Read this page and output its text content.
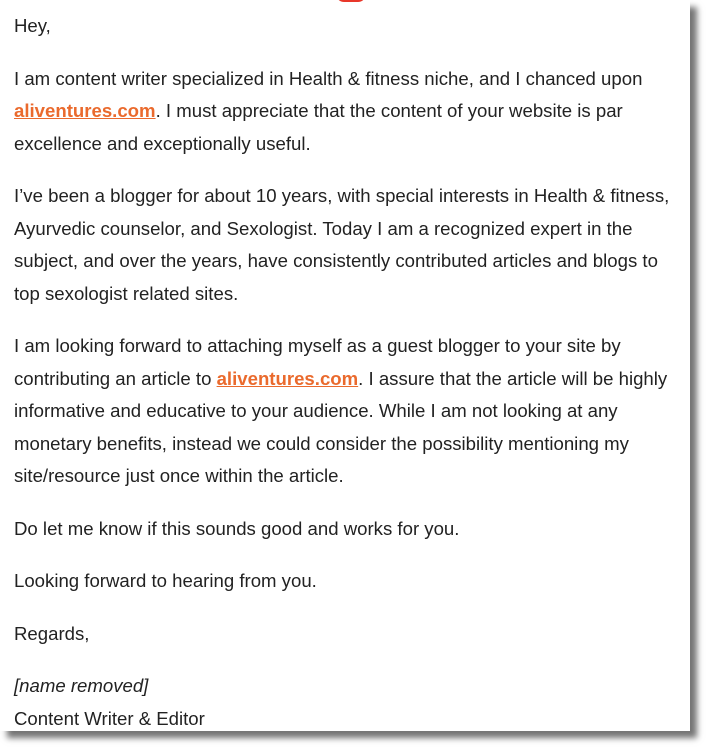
Hey,

I am content writer specialized in Health & fitness niche, and I chanced upon aliventures.com. I must appreciate that the content of your website is par excellence and exceptionally useful.

I’ve been a blogger for about 10 years, with special interests in Health & fitness, Ayurvedic counselor, and Sexologist. Today I am a recognized expert in the subject, and over the years, have consistently contributed articles and blogs to top sexologist related sites.

I am looking forward to attaching myself as a guest blogger to your site by contributing an article to aliventures.com. I assure that the article will be highly informative and educative to your audience. While I am not looking at any monetary benefits, instead we could consider the possibility mentioning my site/resource just once within the article.

Do let me know if this sounds good and works for you.

Looking forward to hearing from you.

Regards,

[name removed]

Content Writer & Editor
